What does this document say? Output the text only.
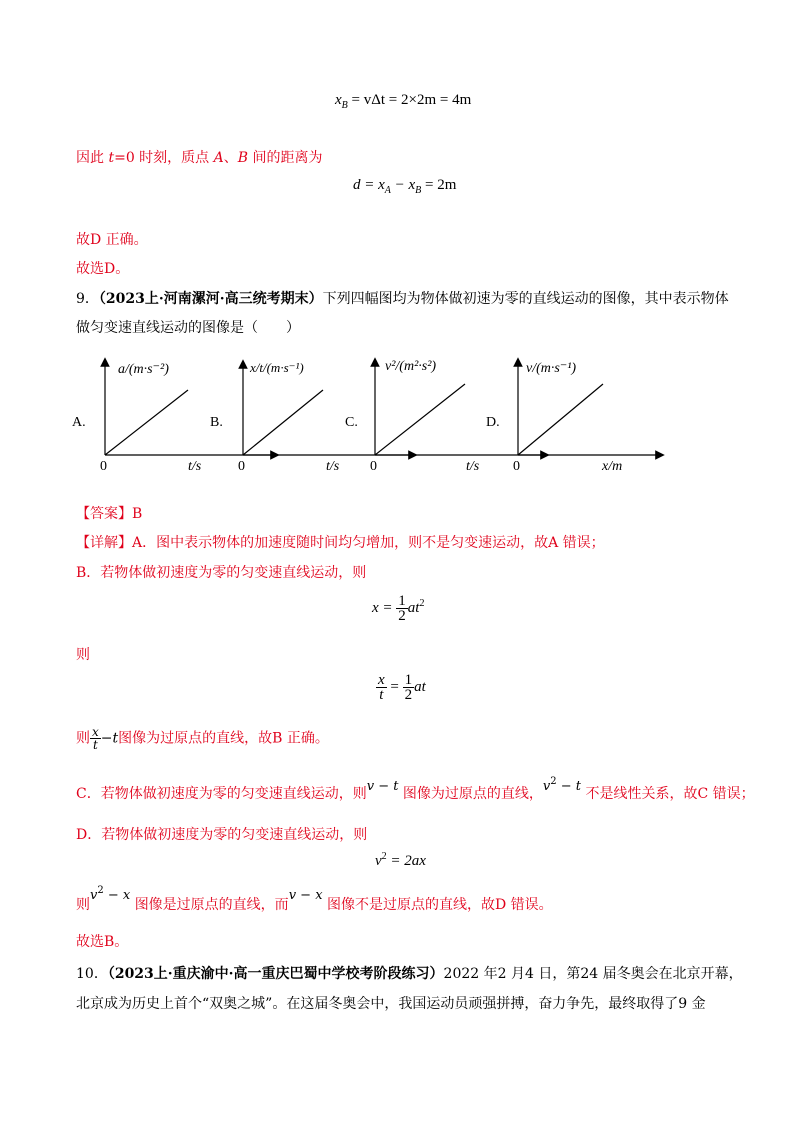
$x_B = v\Delta t = 2\times 2m = 4m$
因此 t=0 时刻，质点 A、B 间的距离为
$d = x_A - x_B = 2m$
故D 正确。
故选D。
9．（2023上·河南漯河·高三统考期末）下列四幅图均为物体做初速为零的直线运动的图像，其中表示物体
做匀变速直线运动的图像是（　　）
A.
a/(m·s⁻²)
0	t/s
B.
x/t/(m·s⁻¹)
0	t/s
C.
v²/(m²·s²)
0	t/s
D.
v/(m·s⁻¹)
0	x/m
【答案】B
【详解】A．图中表示物体的加速度随时间均匀增加，则不是匀变速运动，故A 错误；
B．若物体做初速度为零的匀变速直线运动，则
$x = \frac{1}{2} at^2$
则
$\frac{x}{t} = \frac{1}{2}$ at
则 $\frac{x}{t} -t$图像为过原点的直线，故B 正确。
C．若物体做初速度为零的匀变速直线运动，则v − t 图像为过原点的直线，$v^2 - t$ 不是线性关系，故C 错误；
D．若物体做初速度为零的匀变速直线运动，则
$v^2 = 2ax$
则$v^2 - x$ 图像是过原点的直线，而v − x 图像不是过原点的直线，故D 错误。
故选B。
10．（2023上·重庆渝中·高一重庆巴蜀中学校考阶段练习）2022 年2 月4 日，第24 届冬奥会在北京开幕，
北京成为历史上首个“双奥之城”。在这届冬奥会中，我国运动员顽强拼搏，奋力争先，最终取得了9 金
